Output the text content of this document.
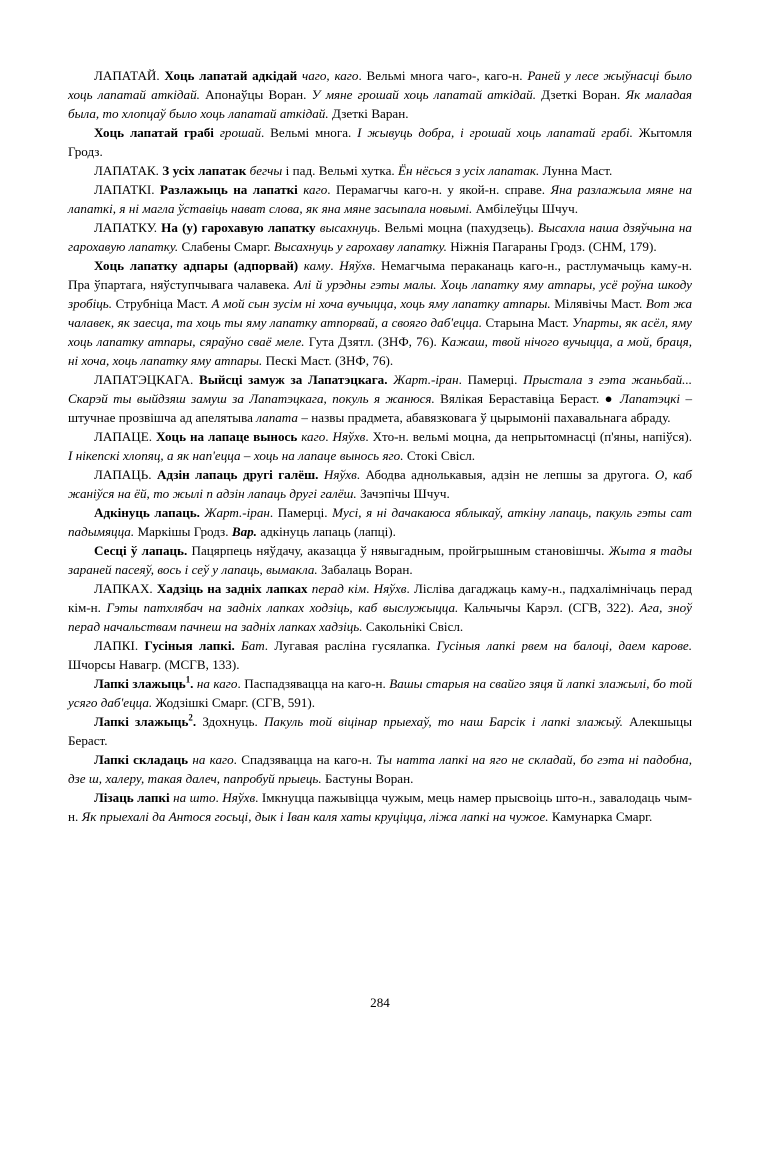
ЛАПАТАЙ. Хоць лапатай адкідай чаго, каго. Вельмі многа чаго-, каго-н. Раней у лесе жыўнасці было хоць лапатай аткідай. Апонаўцы Воран. У мяне грошай хоць лапатай аткідай. Дзеткі Воран. Як маладая была, то хлопцаў было хоць лапатай аткідай. Дзеткі Варан.

Хоць лапатай грабі грошай. Вельмі многа. І жывуць добра, і грошай хоць лапатай грабі. Жытомля Гродз.

ЛАПАТАК. З усіх лапатак бегчы і пад. Вельмі хутка. Ён нёсься з усіх лапатак. Лунна Маст.

ЛАПАТКІ. Разлажыць на лапаткі каго. Перамагчы каго-н. у якой-н. справе. Яна разлажыла мяне на лапаткі, я ні магла ўставіць нават слова, як яна мяне засыпала новымі. Амбілеўцы Шчуч.

ЛАПАТКУ. На (у) гарохавую лапатку высахнуць. Вельмі моцна (пахудзець). Высахла наша дзяўчына на гарохавую лапатку. Слабены Смарг. Высахнуць у гарохаву лапатку. Ніжнія Пагараны Гродз. (СНМ, 179).

Хоць лапатку адпары (адпорвай) каму. Няўхв. Немагчыма пераканаць каго-н., растлумачыць каму-н. Пра ўпартага, няўступчывага чалавека. Алі й урэдны гэты малы. Хоць лапатку яму атпары, усё роўна шкоду зробіць. Струбніца Маст. А мой сын зусім ні хоча вучыцца, хоць яму лапатку атпары. Мілявічы Маст. Вот жа чалавек, як заесца, та хоць ты яму лапатку атпорвай, а свояго даб'ецца. Старына Маст. Упарты, як асёл, яму хоць лапатку атпары, сяраўно сваё меле. Гута Дзятл. (ЗНФ, 76). Кажаш, твой нічого вучыцца, а мой, браця, ні хоча, хоць лапатку яму атпары. Пескі Маст. (ЗНФ, 76).

ЛАПАТЭЦКАГА. Выйсці замуж за Лапатэцкага. Жарт.-іран. Памерці. Прыстала з гэта жаньбай... Скарэй ты выйдзяш замуш за Лапатэцкага, покуль я жанюся. Вялікая Бераставіца Бераст. ● Лапатэцкі – штучнае прозвішча ад апелятыва лапата – назвы прадмета, абавязковага ў цырымоніі пахавальнага абраду.

ЛАПАЦЕ. Хоць на лапаце вынось каго. Няўхв. Хто-н. вельмі моцна, да непрытомнасці (п'яны, напіўся). І нікепскі хлопяц, а як нап'ецца – хоць на лапаце вынось яго. Стокі Свісл.

ЛАПАЦЬ. Адзін лапаць другі галёш. Няўхв. Абодва аднолькавыя, адзін не лепшы за другога. О, каб жаніўся на ёй, то жылі п адзін лапаць другі галёш. Зачэпічы Шчуч.

Адкінуць лапаць. Жарт.-іран. Памерці. Мусі, я ні дачакаюса яблыкаў, аткіну лапаць, пакуль гэты сат падымяцца. Маркішы Гродз. Вар. адкінуць лапаць (лапці).

Сесці ў лапаць. Пацярпець няўдачу, аказацца ў нявыгадным, пройгрышным становішчы. Жыта я тады зараней пасеяў, вось і сеў у лапаць, вымакла. Забалаць Воран.

ЛАПКАХ. Хадзіць на задніх лапках перад кім. Няўхв. Лісліва дагаджаць каму-н., падхалімнічаць перад кім-н. Гэты патхлябач на задніх лапках ходзіць, каб выслужыцца. Кальчычы Карэл. (СГВ, 322). Ага, зноў перад начальствам пачнеш на задніх лапках хадзіць. Сакольнікі Свісл.

ЛАПКІ. Гусіныя лапкі. Бат. Лугавая расліна гусялапка. Гусіныя лапкі рвем на балоці, даем карове. Шчорсы Навагр. (МСГВ, 133).

Лапкі злажыць$^1$. на каго. Паспадзявацца на каго-н. Вашы старыя на свайго зяця й лапкі злажылі, бо той усяго даб'ецца. Жодзішкі Смарг. (СГВ, 591).

Лапкі злажыць$^2$. Здохнуць. Пакуль той віцінар прыехаў, то наш Барсік і лапкі злажыў. Алекшыцы Бераст.

Лапкі складаць на каго. Спадзявацца на каго-н. Ты натта лапкі на яго не складай, бо гэта ні падобна, дзе ш, халеру, такая далеч, папробуй прыець. Бастуны Воран.

Лізаць лапкі на што. Няўхв. Імкнуцца пажывіцца чужым, мець намер прысвоіць што-н., завалодаць чым-н. Як прыехалі да Антося госьці, дык і Іван каля хаты круціцца, ліжа лапкі на чужое. Камунарка Смарг.

284
